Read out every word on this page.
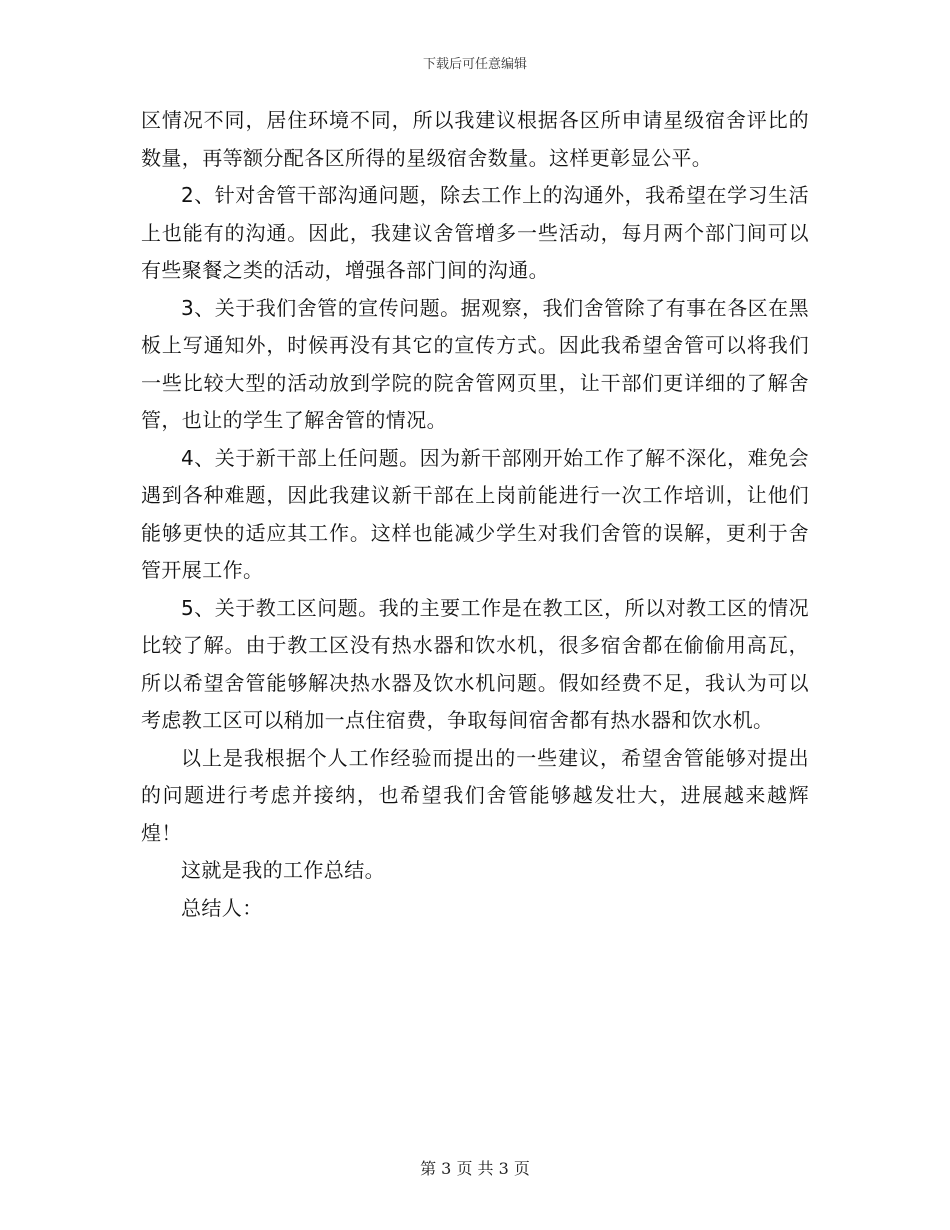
下载后可任意编辑

区情况不同，居住环境不同，所以我建议根据各区所申请星级宿舍评比的数量，再等额分配各区所得的星级宿舍数量。这样更彰显公平。

2、针对舍管干部沟通问题，除去工作上的沟通外，我希望在学习生活上也能有的沟通。因此，我建议舍管增多一些活动，每月两个部门间可以有些聚餐之类的活动，增强各部门间的沟通。

3、关于我们舍管的宣传问题。据观察，我们舍管除了有事在各区在黑板上写通知外，时候再没有其它的宣传方式。因此我希望舍管可以将我们一些比较大型的活动放到学院的院舍管网页里，让干部们更详细的了解舍管，也让的学生了解舍管的情况。

4、关于新干部上任问题。因为新干部刚开始工作了解不深化，难免会遇到各种难题，因此我建议新干部在上岗前能进行一次工作培训，让他们能够更快的适应其工作。这样也能减少学生对我们舍管的误解，更利于舍管开展工作。

5、关于教工区问题。我的主要工作是在教工区，所以对教工区的情况比较了解。由于教工区没有热水器和饮水机，很多宿舍都在偷偷用高瓦，所以希望舍管能够解决热水器及饮水机问题。假如经费不足，我认为可以考虑教工区可以稍加一点住宿费，争取每间宿舍都有热水器和饮水机。

以上是我根据个人工作经验而提出的一些建议，希望舍管能够对提出的问题进行考虑并接纳，也希望我们舍管能够越发壮大，进展越来越辉煌！

这就是我的工作总结。

总结人：

第 3 页 共 3 页
